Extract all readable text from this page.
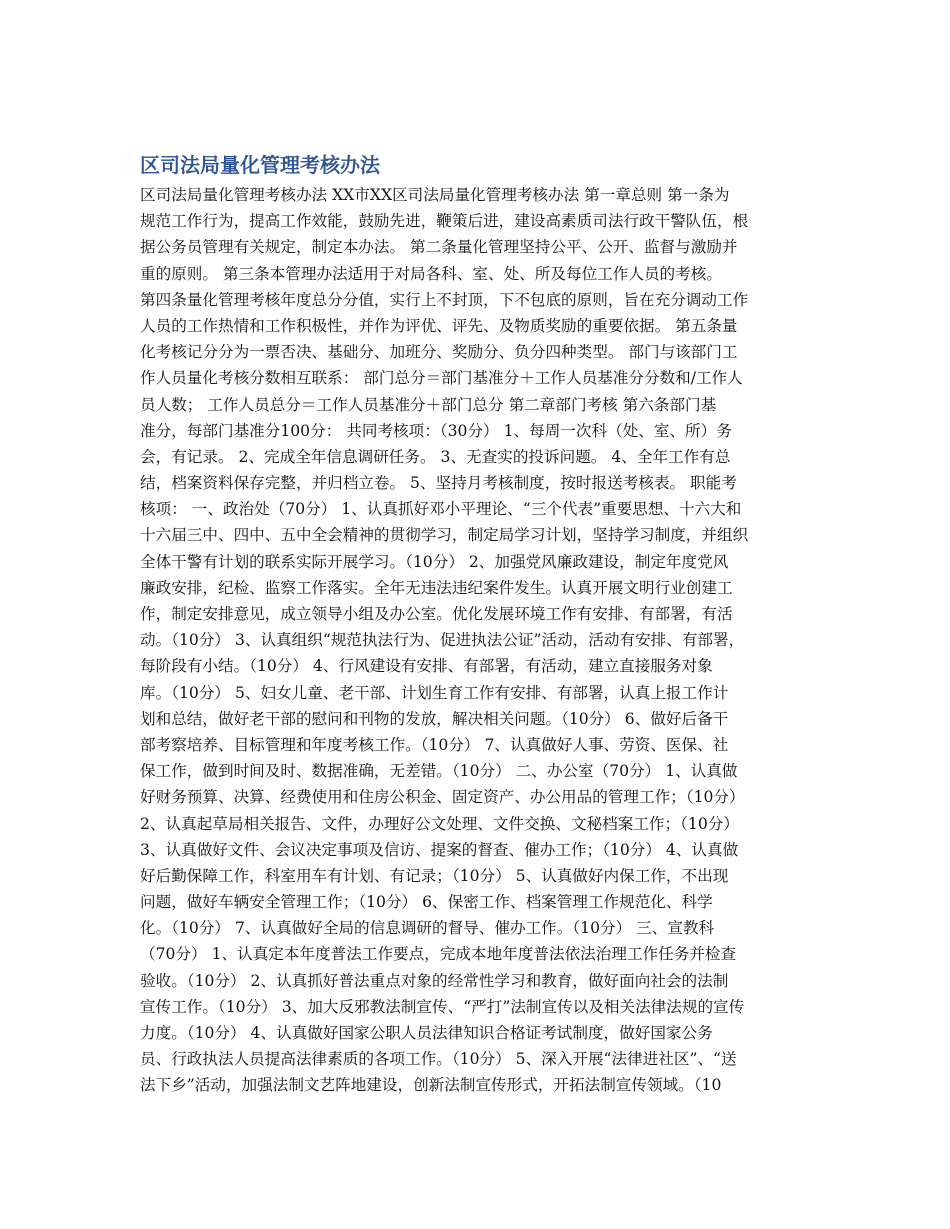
区司法局量化管理考核办法
区司法局量化管理考核办法 XX市XX区司法局量化管理考核办法 第一章总则 第一条为
规范工作行为，提高工作效能，鼓励先进，鞭策后进，建设高素质司法行政干警队伍，根
据公务员管理有关规定，制定本办法。 第二条量化管理坚持公平、公开、监督与激励并
重的原则。 第三条本管理办法适用于对局各科、室、处、所及每位工作人员的考核。
第四条量化管理考核年度总分分值，实行上不封顶，下不包底的原则，旨在充分调动工作
人员的工作热情和工作积极性，并作为评优、评先、及物质奖励的重要依据。 第五条量
化考核记分分为一票否决、基础分、加班分、奖励分、负分四种类型。 部门与该部门工
作人员量化考核分数相互联系： 部门总分＝部门基准分＋工作人员基准分分数和/工作人
员人数； 工作人员总分＝工作人员基准分＋部门总分 第二章部门考核 第六条部门基
准分，每部门基准分100分： 共同考核项：（30分） 1、每周一次科（处、室、所）务
会，有记录。 2、完成全年信息调研任务。 3、无查实的投诉问题。 4、全年工作有总
结，档案资料保存完整，并归档立卷。 5、坚持月考核制度，按时报送考核表。 职能考
核项： 一、政治处（70分） 1、认真抓好邓小平理论、“三个代表”重要思想、十六大和
十六届三中、四中、五中全会精神的贯彻学习，制定局学习计划，坚持学习制度，并组织
全体干警有计划的联系实际开展学习。（10分） 2、加强党风廉政建设，制定年度党风
廉政安排，纪检、监察工作落实。全年无违法违纪案件发生。认真开展文明行业创建工
作，制定安排意见，成立领导小组及办公室。优化发展环境工作有安排、有部署，有活
动。（10分） 3、认真组织“规范执法行为、促进执法公证”活动，活动有安排、有部署，
每阶段有小结。（10分） 4、行风建设有安排、有部署，有活动，建立直接服务对象
库。（10分） 5、妇女儿童、老干部、计划生育工作有安排、有部署，认真上报工作计
划和总结，做好老干部的慰问和刊物的发放，解决相关问题。（10分） 6、做好后备干
部考察培养、目标管理和年度考核工作。（10分） 7、认真做好人事、劳资、医保、社
保工作，做到时间及时、数据准确，无差错。（10分） 二、办公室（70分） 1、认真做
好财务预算、决算、经费使用和住房公积金、固定资产、办公用品的管理工作；（10分）
2、认真起草局相关报告、文件，办理好公文处理、文件交换、文秘档案工作；（10分）
3、认真做好文件、会议决定事项及信访、提案的督查、催办工作；（10分） 4、认真做
好后勤保障工作，科室用车有计划、有记录；（10分） 5、认真做好内保工作，不出现
问题，做好车辆安全管理工作；（10分） 6、保密工作、档案管理工作规范化、科学
化。（10分） 7、认真做好全局的信息调研的督导、催办工作。（10分） 三、宣教科
（70分） 1、认真定本年度普法工作要点，完成本地年度普法依法治理工作任务并检查
验收。（10分） 2、认真抓好普法重点对象的经常性学习和教育，做好面向社会的法制
宣传工作。（10分） 3、加大反邪教法制宣传、“严打”法制宣传以及相关法律法规的宣传
力度。（10分） 4、认真做好国家公职人员法律知识合格证考试制度，做好国家公务
员、行政执法人员提高法律素质的各项工作。（10分） 5、深入开展“法律进社区”、“送
法下乡”活动，加强法制文艺阵地建设，创新法制宣传形式，开拓法制宣传领域。（10
